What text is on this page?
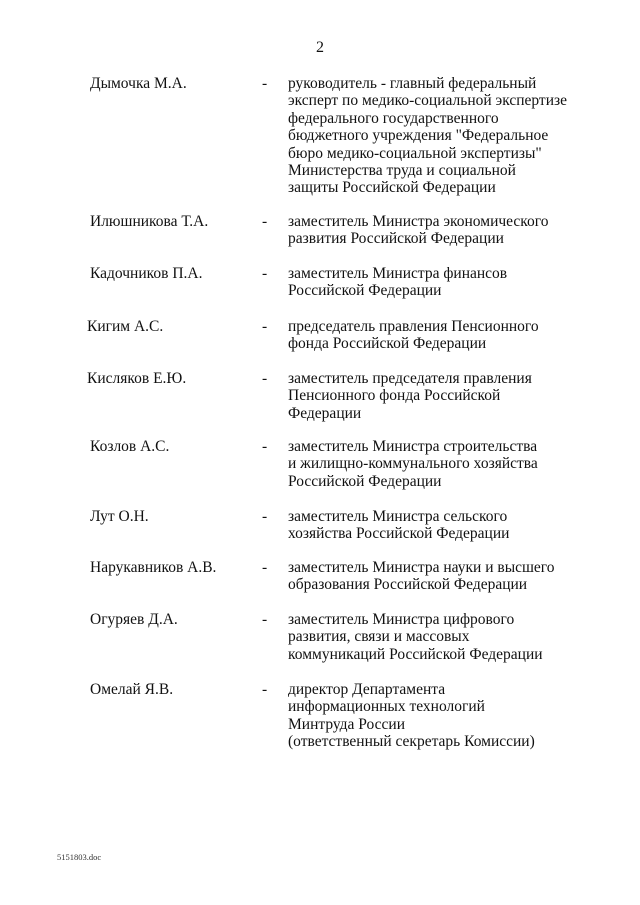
2
Дымочка М.А.	- руководитель - главный федеральный
эксперт по медико-социальной экспертизе
федерального государственного
бюджетного учреждения "Федеральное
бюро медико-социальной экспертизы"
Министерства труда и социальной
защиты Российской Федерации
Илюшникова Т.А.	- заместитель Министра экономического
развития Российской Федерации
Кадочников П.А.	- заместитель Министра финансов
Российской Федерации
Кигим А.С.	- председатель правления Пенсионного
фонда Российской Федерации
Кисляков Е.Ю.	- заместитель председателя правления
Пенсионного фонда Российской
Федерации
Козлов А.С.	- заместитель Министра строительства
и жилищно-коммунального хозяйства
Российской Федерации
Лут О.Н.	- заместитель Министра сельского
хозяйства Российской Федерации
Нарукавников А.В.	- заместитель Министра науки и высшего
образования Российской Федерации
Огуряев Д.А.	- заместитель Министра цифрового
развития, связи и массовых
коммуникаций Российской Федерации
Омелай Я.В.	- директор Департамента
информационных технологий
Минтруда России
(ответственный секретарь Комиссии)
5151803.doc
